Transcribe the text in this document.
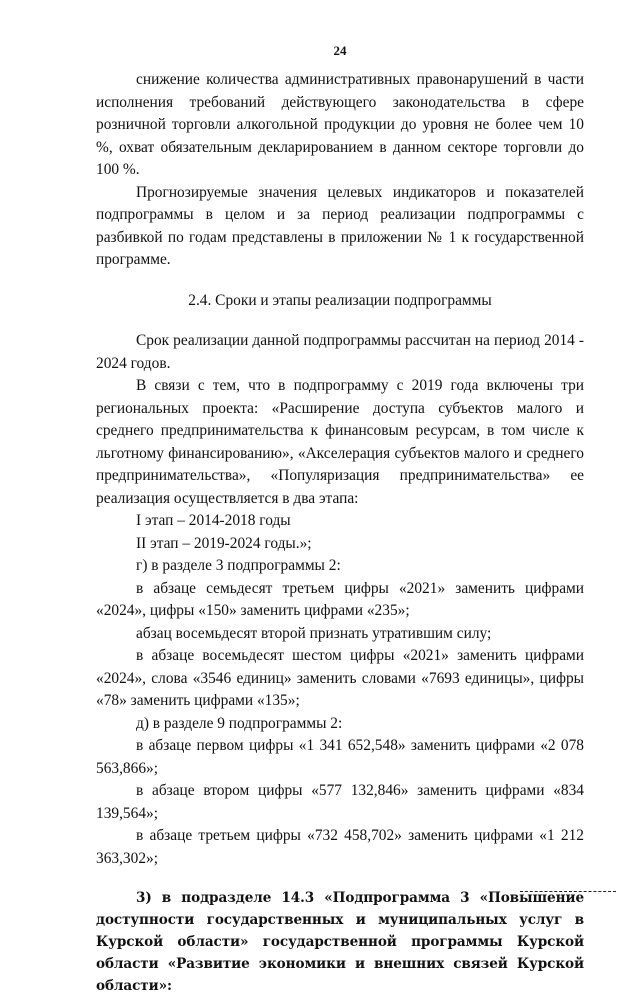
24

снижение количества административных правонарушений в части исполнения требований действующего законодательства в сфере розничной торговли алкогольной продукции до уровня не более чем 10 %, охват обязательным декларированием в данном секторе торговли до 100 %.

Прогнозируемые значения целевых индикаторов и показателей подпрограммы в целом и за период реализации подпрограммы с разбивкой по годам представлены в приложении № 1 к государственной программе.

2.4. Сроки и этапы реализации подпрограммы

Срок реализации данной подпрограммы рассчитан на период 2014 - 2024 годов.

В связи с тем, что в подпрограмму с 2019 года включены три региональных проекта: «Расширение доступа субъектов малого и среднего предпринимательства к финансовым ресурсам, в том числе к льготному финансированию», «Акселерация субъектов малого и среднего предпринимательства», «Популяризация предпринимательства» ее реализация осуществляется в два этапа:

I этап – 2014-2018 годы

II этап – 2019-2024 годы.»;

г) в разделе 3 подпрограммы 2:

в абзаце семьдесят третьем цифры «2021» заменить цифрами «2024», цифры «150» заменить цифрами «235»;

абзац восемьдесят второй признать утратившим силу;

в абзаце восемьдесят шестом цифры «2021» заменить цифрами «2024», слова «3546 единиц» заменить словами «7693 единицы», цифры «78» заменить цифрами «135»;

д) в разделе 9 подпрограммы 2:

в абзаце первом цифры «1 341 652,548» заменить цифрами «2 078 563,866»;

в абзаце втором цифры «577 132,846» заменить цифрами «834 139,564»;

в абзаце третьем цифры «732 458,702» заменить цифрами «1 212 363,302»;

3) в подразделе 14.3 «Подпрограмма 3 «Повышение доступности государственных и муниципальных услуг в Курской области» государственной программы Курской области «Развитие экономики и внешних связей Курской области»:
